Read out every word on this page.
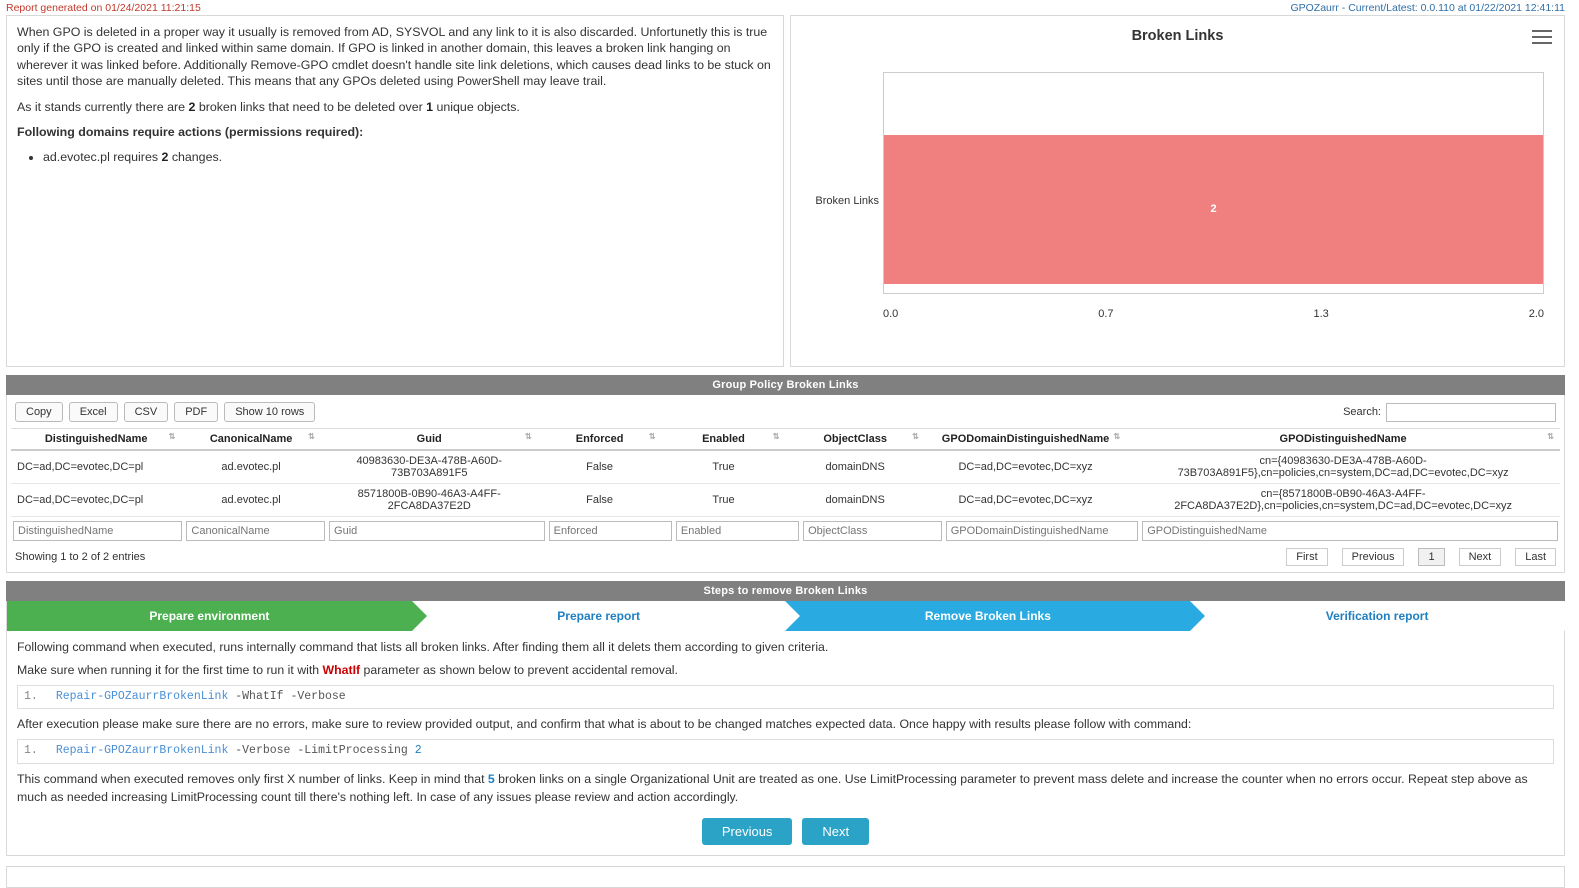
Report generated on 01/24/2021 11:21:15	GPOZaurr - Current/Latest: 0.0.110 at 01/22/2021 12:41:11

When GPO is deleted in a proper way it usually is removed from AD, SYSVOL and any link to it is also discarded. Unfortunetly this is true only if the GPO is created and linked within same domain. If GPO is linked in another domain, this leaves a broken link hanging on wherever it was linked before. Additionally Remove-GPO cmdlet doesn't handle site link deletions, which causes dead links to be stuck on sites until those are manually deleted. This means that any GPOs deleted using PowerShell may leave trail.

As it stands currently there are 2 broken links that need to be deleted over 1 unique objects.

Following domains require actions (permissions required):

• ad.evotec.pl requires 2 changes.
Broken Links
Broken Links
2
0.0	0.7	1.3	2.0
Group Policy Broken Links
Copy	Excel	CSV	PDF	Show 10 rows	Search:
DistinguishedName ⇅	CanonicalName ⇅	Guid ⇅	Enforced ⇅	Enabled ⇅	ObjectClass ⇅	GPODomainDistinguishedName ⇅	GPODistinguishedName ⇅

DC=ad,DC=evotec,DC=pl	ad.evotec.pl	40983630-DE3A-478B-A60D-73B703A891F5	False	True	domainDNS	DC=ad,DC=evotec,DC=xyz	cn={40983630-DE3A-478B-A60D-73B703A891F5},cn=policies,cn=system,DC=ad,DC=evotec,DC=xyz
DC=ad,DC=evotec,DC=pl	ad.evotec.pl	8571800B-0B90-46A3-A4FF-2FCA8DA37E2D	False	True	domainDNS	DC=ad,DC=evotec,DC=xyz	cn={8571800B-0B90-46A3-A4FF-2FCA8DA37E2D},cn=policies,cn=system,DC=ad,DC=evotec,DC=xyz
DistinguishedName
CanonicalName
Guid
Enforced
Enabled
ObjectClass
GPODomainDistinguishedName
GPODistinguishedName
Showing 1 to 2 of 2 entries	First	Previous	1	Next	Last
Steps to remove Broken Links
Prepare environment	Prepare report	Remove Broken Links	Verification report

Following command when executed, runs internally command that lists all broken links. After finding them all it delets them according to given criteria.

Make sure when running it for the first time to run it with WhatIf parameter as shown below to prevent accidental removal.

1. Repair-GPOZaurrBrokenLink -WhatIf -Verbose

After execution please make sure there are no errors, make sure to review provided output, and confirm that what is about to be changed matches expected data. Once happy with results please follow with command:

1. Repair-GPOZaurrBrokenLink -Verbose -LimitProcessing 2

This command when executed removes only first X number of links. Keep in mind that 5 broken links on a single Organizational Unit are treated as one. Use LimitProcessing parameter to prevent mass delete and increase the counter when no errors occur. Repeat step above as much as needed increasing LimitProcessing count till there's nothing left. In case of any issues please review and action accordingly.

Previous	Next
